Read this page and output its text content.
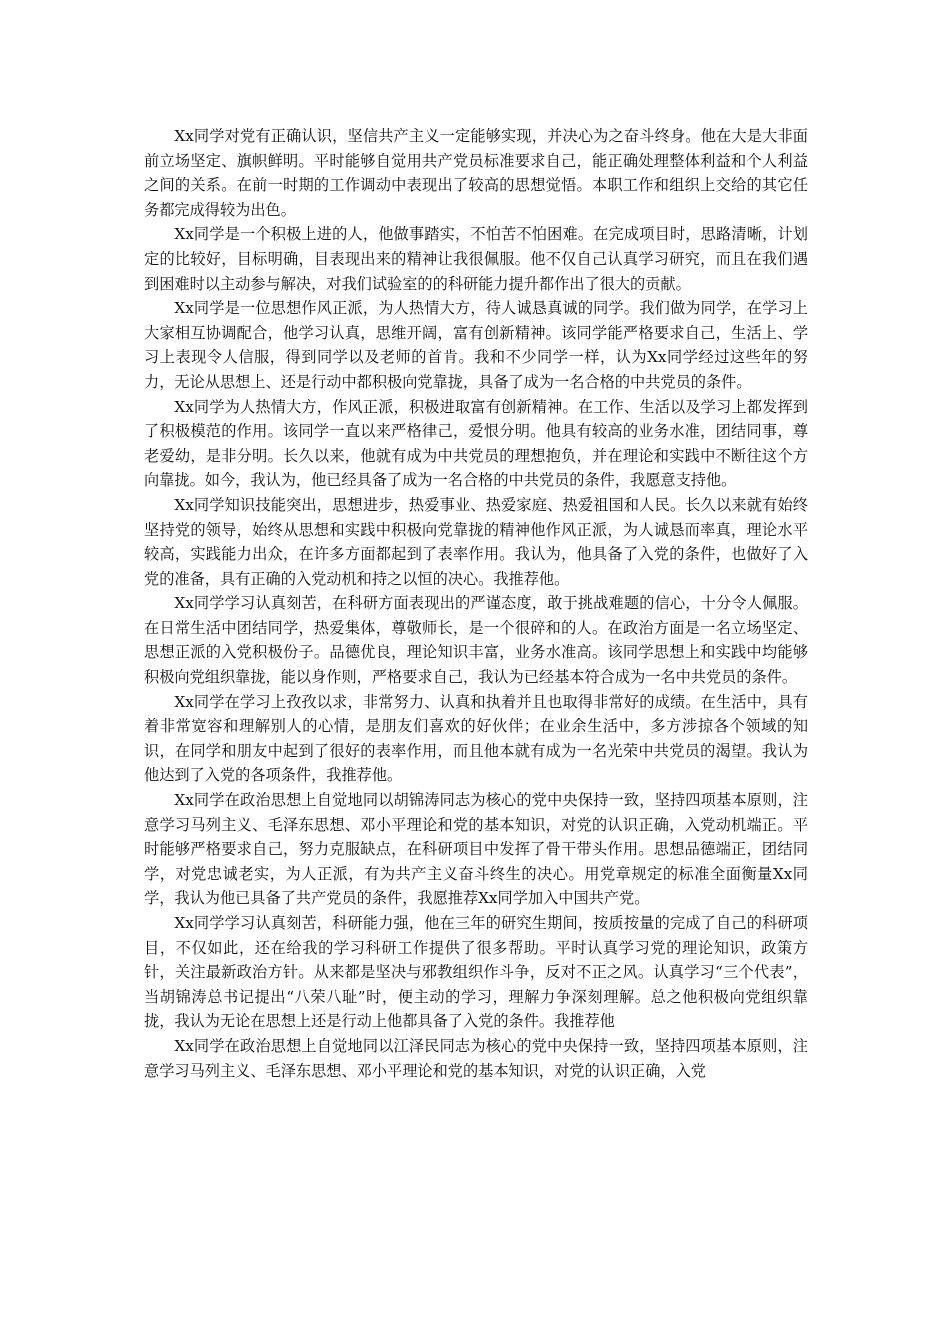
Xx同学对党有正确认识，坚信共产主义一定能够实现，并决心为之奋斗终身。他在大是大非面前立场坚定、旗帜鲜明。平时能够自觉用共产党员标准要求自己，能正确处理整体利益和个人利益之间的关系。在前一时期的工作调动中表现出了较高的思想觉悟。本职工作和组织上交给的其它任务都完成得较为出色。

Xx同学是一个积极上进的人，他做事踏实，不怕苦不怕困难。在完成项目时，思路清晰，计划定的比较好，目标明确，目表现出来的精神让我很佩服。他不仅自己认真学习研究，而且在我们遇到困难时以主动参与解决，对我们试验室的的科研能力提升都作出了很大的贡献。

Xx同学是一位思想作风正派，为人热情大方，待人诚恳真诚的同学。我们做为同学，在学习上大家相互协调配合，他学习认真，思维开阔，富有创新精神。该同学能严格要求自己，生活上、学习上表现令人信服，得到同学以及老师的首肯。我和不少同学一样，认为Xx同学经过这些年的努力，无论从思想上、还是行动中都积极向党靠拢，具备了成为一名合格的中共党员的条件。

Xx同学为人热情大方，作风正派，积极进取富有创新精神。在工作、生活以及学习上都发挥到了积极模范的作用。该同学一直以来严格律己，爱恨分明。他具有较高的业务水准，团结同事，尊老爱幼，是非分明。长久以来，他就有成为中共党员的理想抱负，并在理论和实践中不断往这个方向靠拢。如今，我认为，他已经具备了成为一名合格的中共党员的条件，我愿意支持他。

Xx同学知识技能突出，思想进步，热爱事业、热爱家庭、热爱祖国和人民。长久以来就有始终坚持党的领导，始终从思想和实践中积极向党靠拢的精神他作风正派，为人诚恳而率真，理论水平较高，实践能力出众，在许多方面都起到了表率作用。我认为，他具备了入党的条件，也做好了入党的准备，具有正确的入党动机和持之以恒的决心。我推荐他。

Xx同学学习认真刻苦，在科研方面表现出的严谨态度，敢于挑战难题的信心，十分令人佩服。在日常生活中团结同学，热爱集体，尊敬师长，是一个很碎和的人。在政治方面是一名立场坚定、思想正派的入党积极份子。品德优良，理论知识丰富，业务水准高。该同学思想上和实践中均能够积极向党组织靠拢，能以身作则，严格要求自己，我认为已经基本符合成为一名中共党员的条件。

Xx同学在学习上孜孜以求，非常努力、认真和执着并且也取得非常好的成绩。在生活中，具有着非常宽容和理解别人的心情，是朋友们喜欢的好伙伴；在业余生活中，多方涉掠各个领域的知识，在同学和朋友中起到了很好的表率作用，而且他本就有成为一名光荣中共党员的渴望。我认为他达到了入党的各项条件，我推荐他。

Xx同学在政治思想上自觉地同以胡锦涛同志为核心的党中央保持一致，坚持四项基本原则，注意学习马列主义、毛泽东思想、邓小平理论和党的基本知识，对党的认识正确，入党动机端正。平时能够严格要求自己，努力克服缺点，在科研项目中发挥了骨干带头作用。思想品德端正，团结同学，对党忠诚老实，为人正派，有为共产主义奋斗终生的决心。用党章规定的标准全面衡量Xx同学，我认为他已具备了共产党员的条件，我愿推荐Xx同学加入中国共产党。

Xx同学学习认真刻苦，科研能力强，他在三年的研究生期间，按质按量的完成了自己的科研项目，不仅如此，还在给我的学习科研工作提供了很多帮助。平时认真学习党的理论知识，政策方针，关注最新政治方针。从来都是坚决与邪教组织作斗争，反对不正之风。认真学习“三个代表”，当胡锦涛总书记提出“八荣八耻”时，便主动的学习，理解力争深刻理解。总之他积极向党组织靠拢，我认为无论在思想上还是行动上他都具备了入党的条件。我推荐他

Xx同学在政治思想上自觉地同以江泽民同志为核心的党中央保持一致，坚持四项基本原则，注意学习马列主义、毛泽东思想、邓小平理论和党的基本知识，对党的认识正确，入党
